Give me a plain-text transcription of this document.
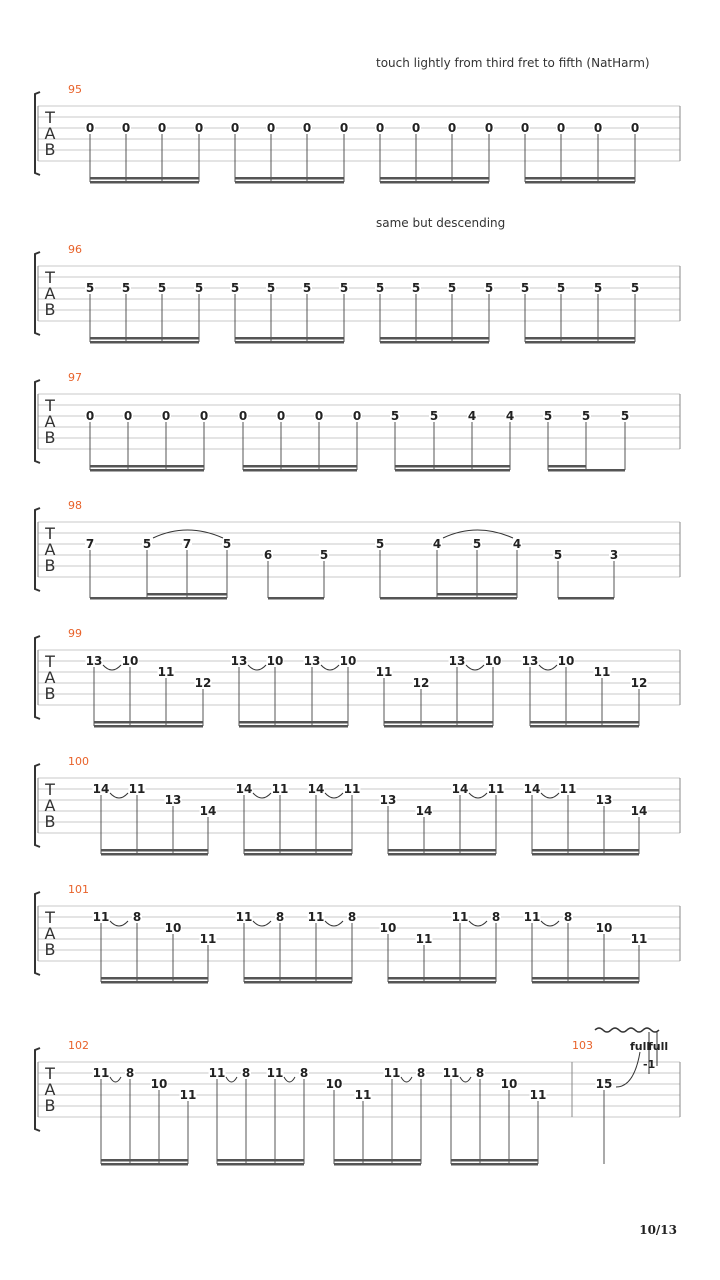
T
A
B
95
touch lightly from third fret to fifth (NatHarm)
0 0 0 0 0 0 0 0 0 0 0 0 0 0 0 0
T
A
B
96
same but descending
5 5 5 5 5 5 5 5 5 5 5 5 5 5 5 5
T
A
B
97
0 0 0 0	0 0 0 0 5	5 4 4 5 5	5
T
A
B
98
7	5	7	5
6	5
5	4	5	4
5	3
T
A
B
99
13 10
11
12
13 10 13 10
11
12
13 10 13 10
11
12
T
A
B
100
14 11
13
14
14 11 14 11
13
14
14 11 14 11
13
14
T
A
B
101
11 8
10
11
11 8 11 8
10
11
11 8 11 8
10
11
T
A
B
102
11 8
10
11
11 8 11 8
10
11
11 8 11 8
10
11
103
15
full
full
-1
10/13
